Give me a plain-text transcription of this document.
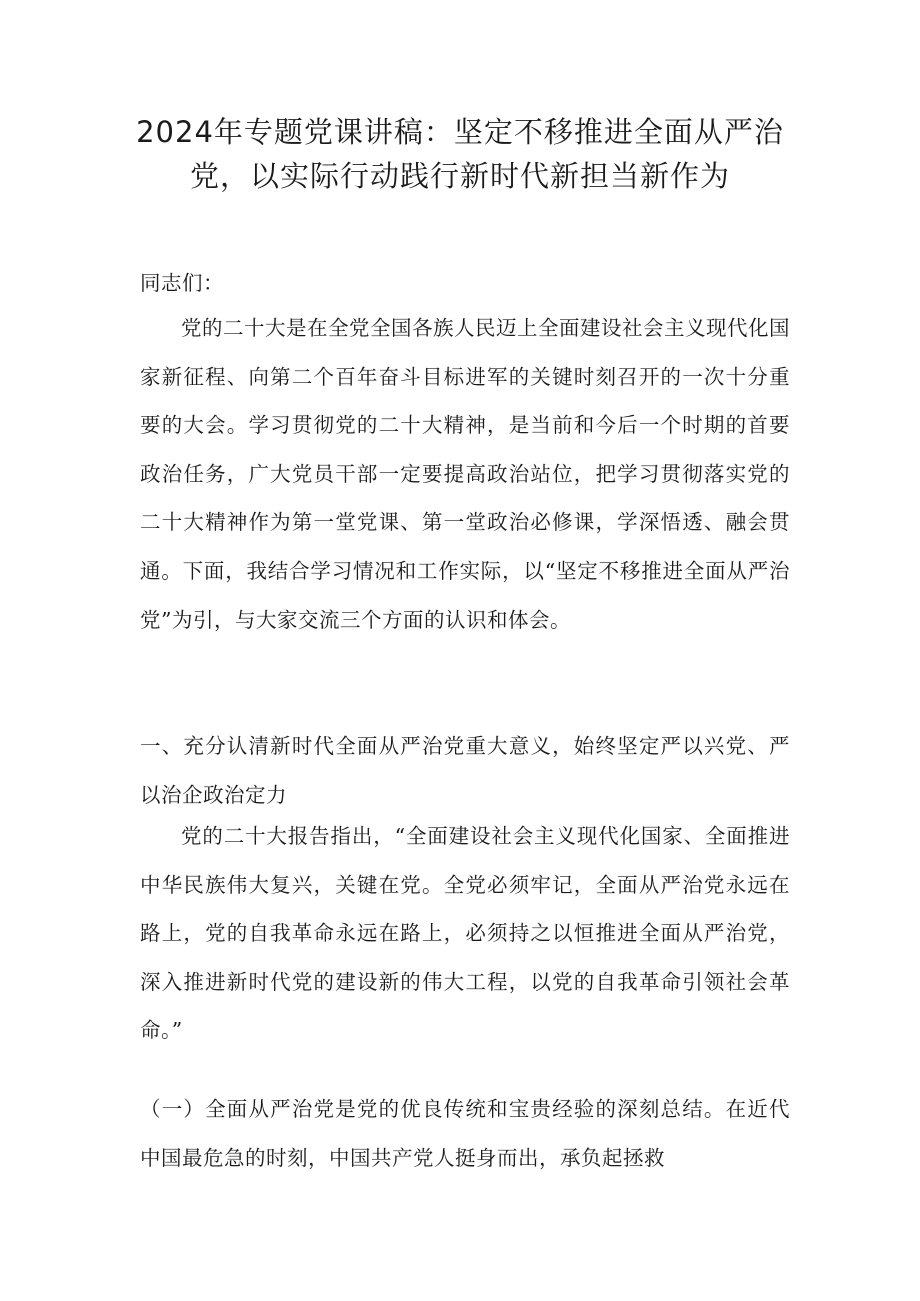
2024年专题党课讲稿：坚定不移推进全面从严治党，以实际行动践行新时代新担当新作为

同志们：

党的二十大是在全党全国各族人民迈上全面建设社会主义现代化国家新征程、向第二个百年奋斗目标进军的关键时刻召开的一次十分重要的大会。学习贯彻党的二十大精神，是当前和今后一个时期的首要政治任务，广大党员干部一定要提高政治站位，把学习贯彻落实党的二十大精神作为第一堂党课、第一堂政治必修课，学深悟透、融会贯通。下面，我结合学习情况和工作实际，以“坚定不移推进全面从严治党”为引，与大家交流三个方面的认识和体会。

一、充分认清新时代全面从严治党重大意义，始终坚定严以兴党、严以治企政治定力

党的二十大报告指出，“全面建设社会主义现代化国家、全面推进中华民族伟大复兴，关键在党。全党必须牢记，全面从严治党永远在路上，党的自我革命永远在路上，必须持之以恒推进全面从严治党，深入推进新时代党的建设新的伟大工程，以党的自我革命引领社会革命。”

（一）全面从严治党是党的优良传统和宝贵经验的深刻总结。在近代中国最危急的时刻，中国共产党人挺身而出，承负起拯救
